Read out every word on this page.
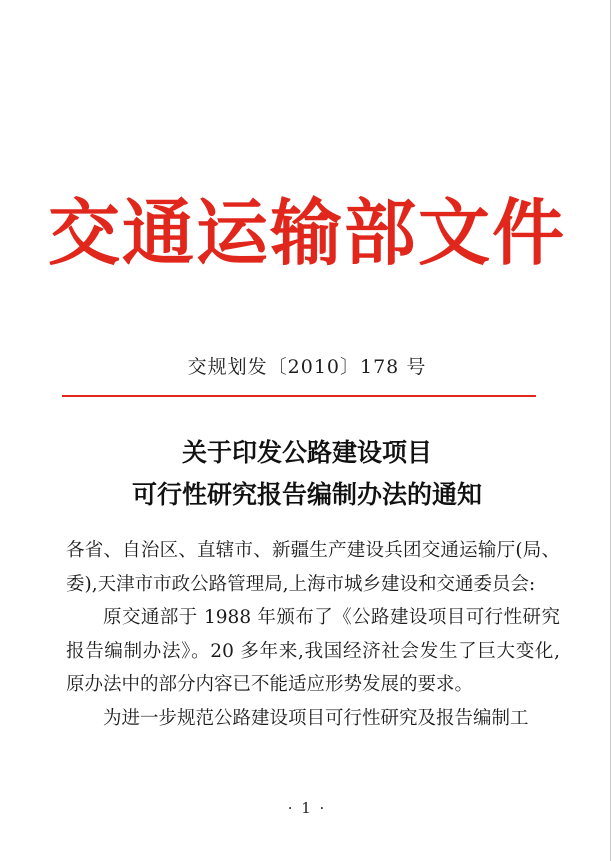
交通运输部文件
交规划发〔2010〕178 号
关于印发公路建设项目
可行性研究报告编制办法的通知

各省、自治区、直辖市、新疆生产建设兵团交通运输厅(局、委),天津市市政公路管理局,上海市城乡建设和交通委员会:

原交通部于 1988 年颁布了《公路建设项目可行性研究报告编制办法》。20 多年来,我国经济社会发生了巨大变化,原办法中的部分内容已不能适应形势发展的要求。

为进一步规范公路建设项目可行性研究及报告编制工

· 1 ·
